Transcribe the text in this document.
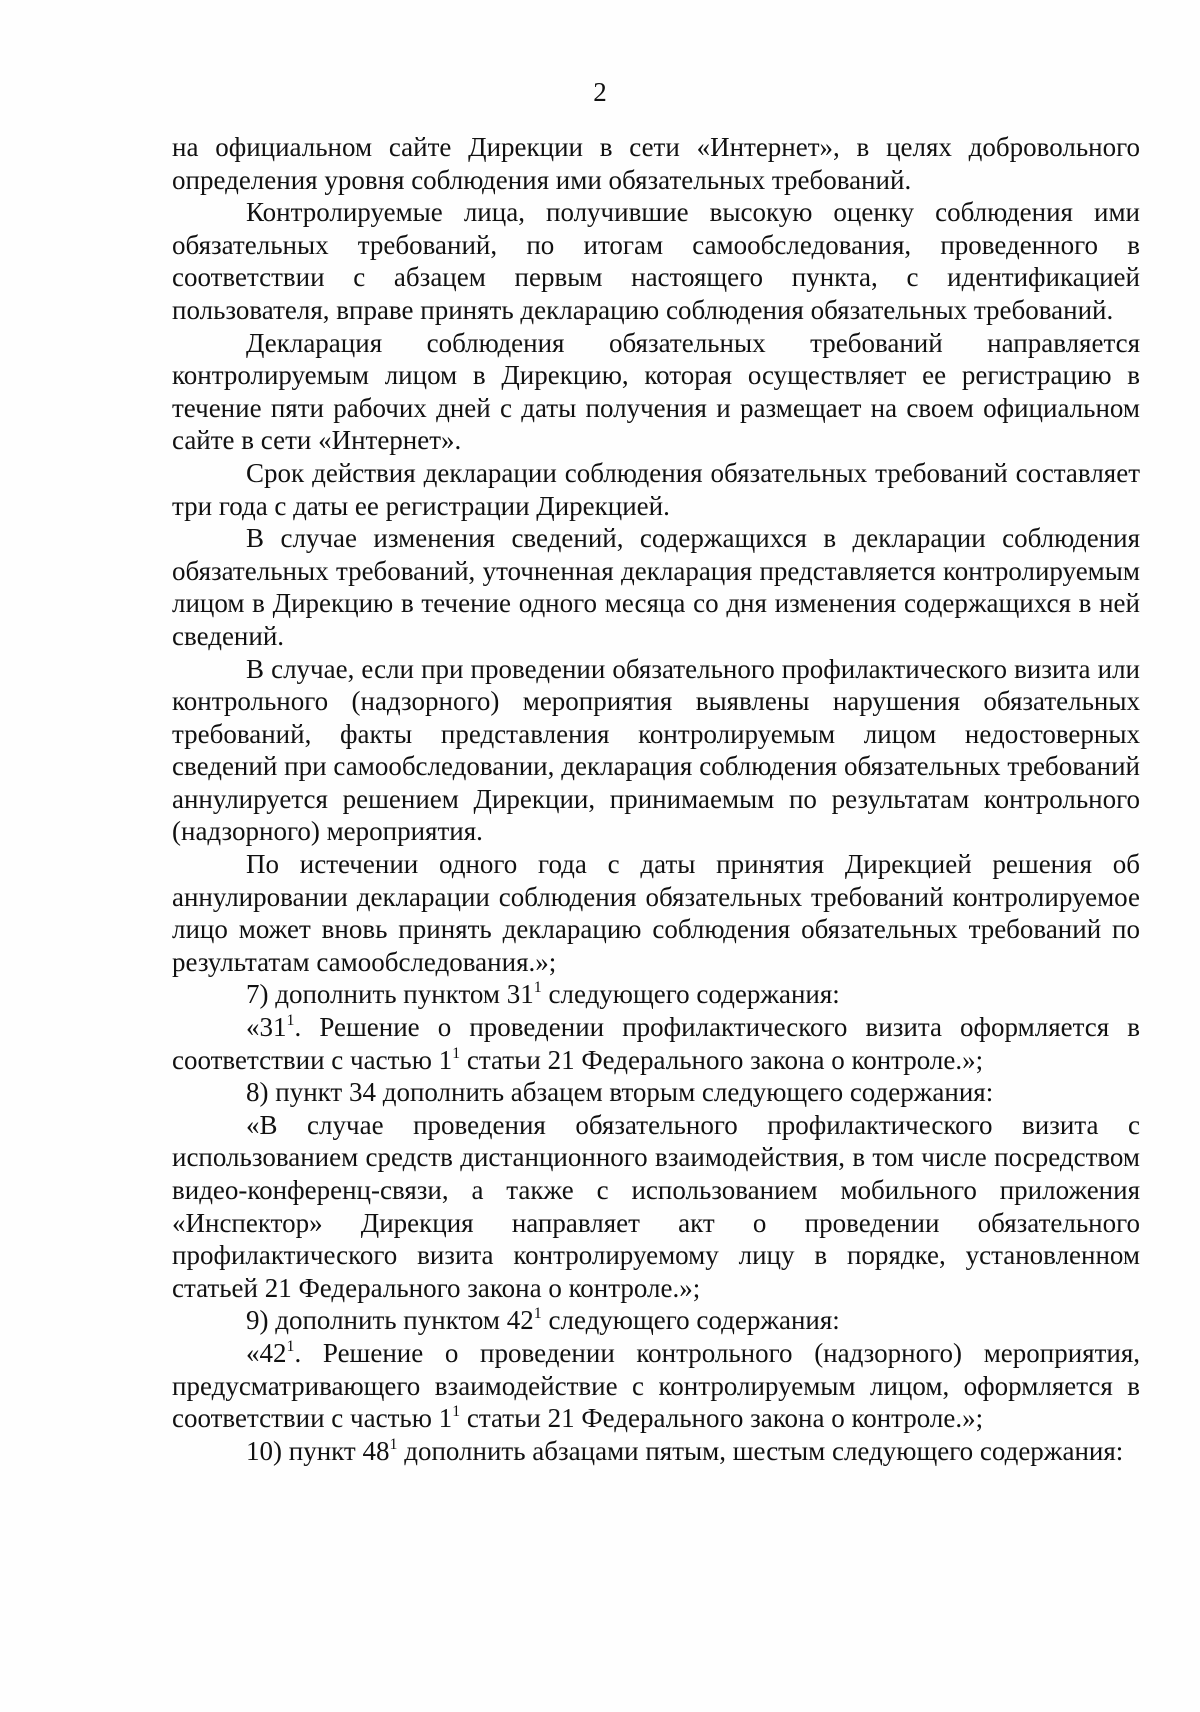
2

на официальном сайте Дирекции в сети «Интернет», в целях добровольного определения уровня соблюдения ими обязательных требований.

Контролируемые лица, получившие высокую оценку соблюдения ими обязательных требований, по итогам самообследования, проведенного в соответствии с абзацем первым настоящего пункта, с идентификацией пользователя, вправе принять декларацию соблюдения обязательных требований.

Декларация соблюдения обязательных требований направляется контролируемым лицом в Дирекцию, которая осуществляет ее регистрацию в течение пяти рабочих дней с даты получения и размещает на своем официальном сайте в сети «Интернет».

Срок действия декларации соблюдения обязательных требований составляет три года с даты ее регистрации Дирекцией.

В случае изменения сведений, содержащихся в декларации соблюдения обязательных требований, уточненная декларация представляется контролируемым лицом в Дирекцию в течение одного месяца со дня изменения содержащихся в ней сведений.

В случае, если при проведении обязательного профилактического визита или контрольного (надзорного) мероприятия выявлены нарушения обязательных требований, факты представления контролируемым лицом недостоверных сведений при самообследовании, декларация соблюдения обязательных требований аннулируется решением Дирекции, принимаемым по результатам контрольного (надзорного) мероприятия.

По истечении одного года с даты принятия Дирекцией решения об аннулировании декларации соблюдения обязательных требований контролируемое лицо может вновь принять декларацию соблюдения обязательных требований по результатам самообследования.»;

7) дополнить пунктом $31^1$ следующего содержания:

«$31^1$. Решение о проведении профилактического визита оформляется в соответствии с частью $1^1$ статьи 21 Федерального закона о контроле.»;

8) пункт 34 дополнить абзацем вторым следующего содержания:

«В случае проведения обязательного профилактического визита с использованием средств дистанционного взаимодействия, в том числе посредством видео-конференц-связи, а также с использованием мобильного приложения «Инспектор» Дирекция направляет акт о проведении обязательного профилактического визита контролируемому лицу в порядке, установленном статьей 21 Федерального закона о контроле.»;

9) дополнить пунктом $42^1$ следующего содержания:

«$42^1$. Решение о проведении контрольного (надзорного) мероприятия, предусматривающего взаимодействие с контролируемым лицом, оформляется в соответствии с частью $1^1$ статьи 21 Федерального закона о контроле.»;

10) пункт $48^1$ дополнить абзацами пятым, шестым следующего содержания:
